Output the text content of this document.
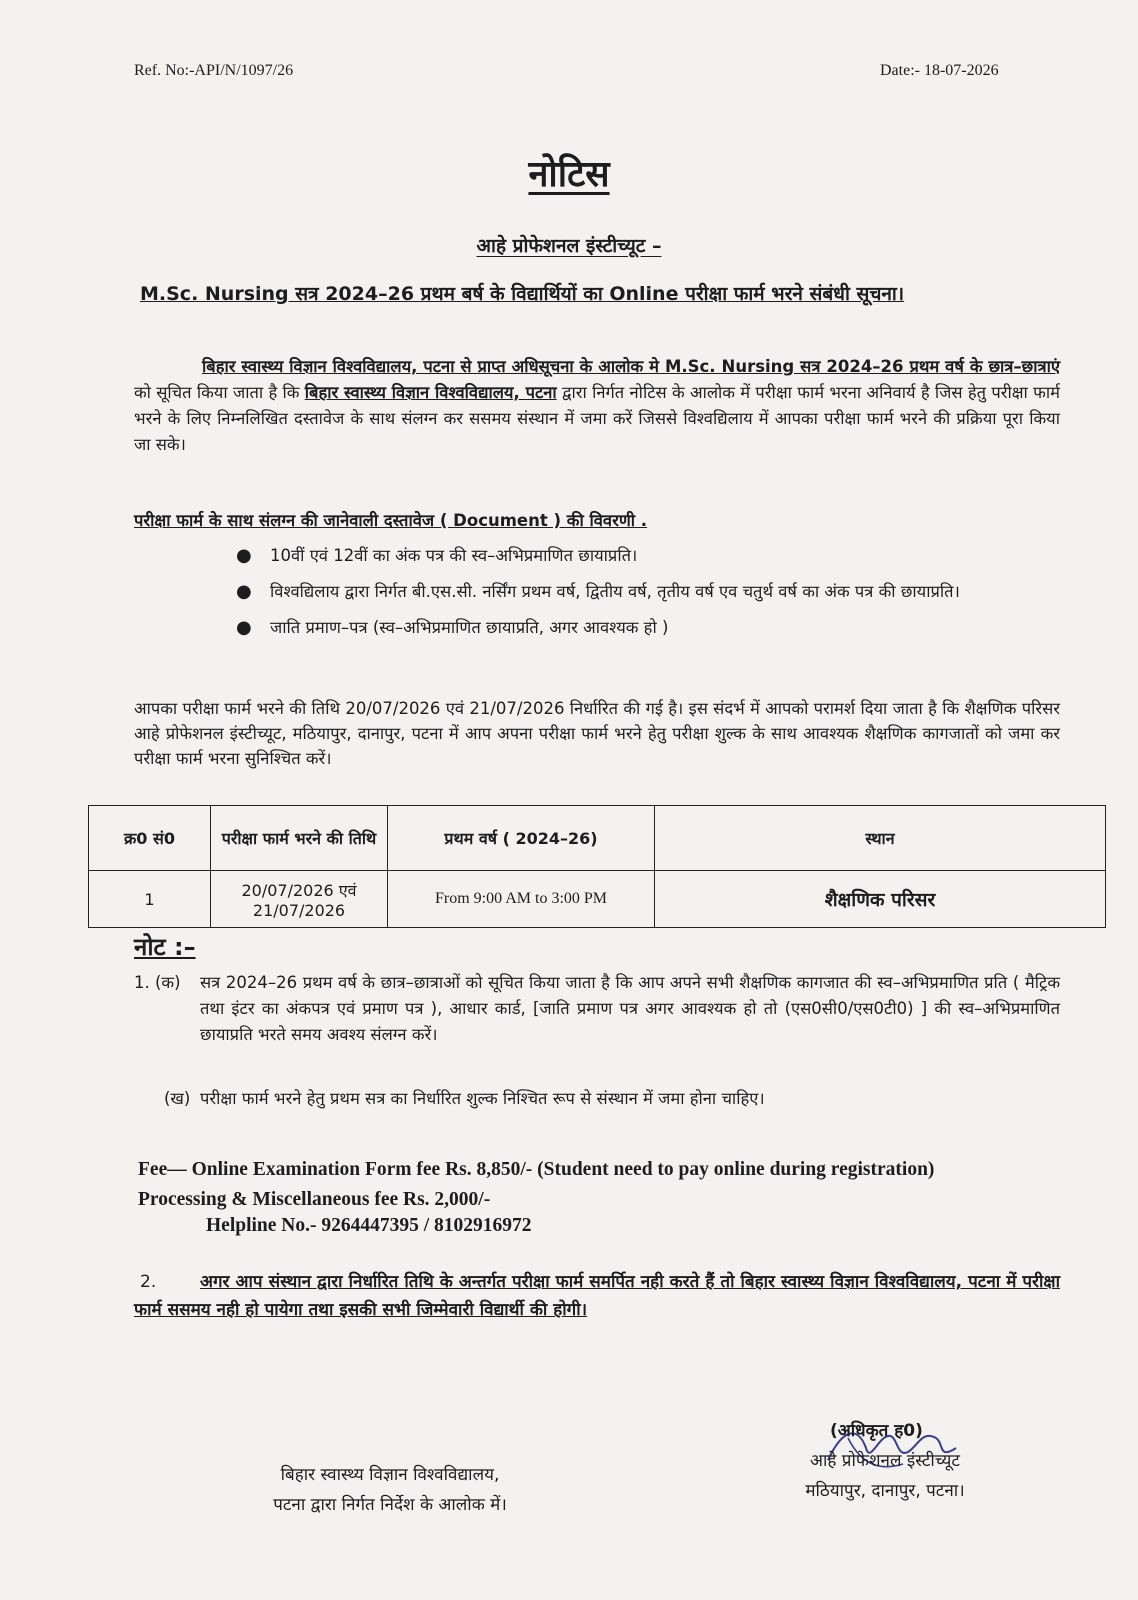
Ref. No:-API/N/1097/26	Date:- 18-07-2026
नोटिस
आहे प्रोफेशनल इंस्टीच्यूट –
M.Sc. Nursing सत्र 2024–26 प्रथम बर्ष के विद्यार्थियों का Online परीक्षा फार्म भरने संबंधी सूचना।
बिहार स्वास्थ्य विज्ञान विश्वविद्यालय, पटना से प्राप्त अधिसूचना के आलोक मे M.Sc. Nursing सत्र 2024–26 प्रथम वर्ष के छात्र–छात्राएं को सूचित किया जाता है कि बिहार स्वास्थ्य विज्ञान विश्वविद्यालय, पटना द्वारा निर्गत नोटिस के आलोक में परीक्षा फार्म भरना अनिवार्य है जिस हेतु परीक्षा फार्म भरने के लिए निम्नलिखित दस्तावेज के साथ संलग्न कर ससमय संस्थान में जमा करें जिससे विश्वद्यिलाय में आपका परीक्षा फार्म भरने की प्रक्रिया पूरा किया जा सके।
परीक्षा फार्म के साथ संलग्न की जानेवाली दस्तावेज ( Document ) की विवरणी .
● 10वीं एवं 12वीं का अंक पत्र की स्व–अभिप्रमाणित छायाप्रति।
● विश्वद्यिलाय द्वारा निर्गत बी.एस.सी. नर्सिंग प्रथम वर्ष, द्वितीय वर्ष, तृतीय वर्ष एव चतुर्थ वर्ष का अंक पत्र की छायाप्रति।
● जाति प्रमाण–पत्र (स्व–अभिप्रमाणित छायाप्रति, अगर आवश्यक हो )
आपका परीक्षा फार्म भरने की तिथि 20/07/2026 एवं 21/07/2026 निर्धारित की गई है। इस संदर्भ में आपको परामर्श दिया जाता है कि शैक्षणिक परिसर आहे प्रोफेशनल इंस्टीच्यूट, मठियापुर, दानापुर, पटना में आप अपना परीक्षा फार्म भरने हेतु परीक्षा शुल्क के साथ आवश्यक शैक्षणिक कागजातों को जमा कर परीक्षा फार्म भरना सुनिश्चित करें।
क्र0 सं0	परीक्षा फार्म भरने की तिथि	प्रथम वर्ष ( 2024–26)	स्थान
1	20/07/2026 एवं 21/07/2026	From 9:00 AM to 3:00 PM	शैक्षणिक परिसर
नोट :–
1. (क) सत्र 2024–26 प्रथम वर्ष के छात्र–छात्राओं को सूचित किया जाता है कि आप अपने सभी शैक्षणिक कागजात की स्व–अभिप्रमाणित प्रति ( मैट्रिक तथा इंटर का अंकपत्र एवं प्रमाण पत्र ), आधार कार्ड, [जाति प्रमाण पत्र अगर आवश्यक हो तो (एस0सी0/एस0टी0) ] की स्व–अभिप्रमाणित छायाप्रति भरते समय अवश्य संलग्न करें।
(ख) परीक्षा फार्म भरने हेतु प्रथम सत्र का निर्धारित शुल्क निश्चित रूप से संस्थान में जमा होना चाहिए।
Fee— Online Examination Form fee Rs. 8,850/- (Student need to pay online during registration)
Processing & Miscellaneous fee Rs. 2,000/-
Helpline No.- 9264447395 / 8102916972
2.	अगर आप संस्थान द्वारा निर्धारित तिथि के अन्तर्गत परीक्षा फार्म समर्पित नही करते हैं तो बिहार स्वास्थ्य विज्ञान विश्वविद्यालय, पटना में परीक्षा फार्म ससमय नही हो पायेगा तथा इसकी सभी जिम्मेवारी विद्यार्थी की होगी।
बिहार स्वास्थ्य विज्ञान विश्वविद्यालय,
पटना द्वारा निर्गत निर्देश के आलोक में।
(अधिकृत ह0)
आहे प्रोफेशनल इंस्टीच्यूट
मठियापुर, दानापुर, पटना।
